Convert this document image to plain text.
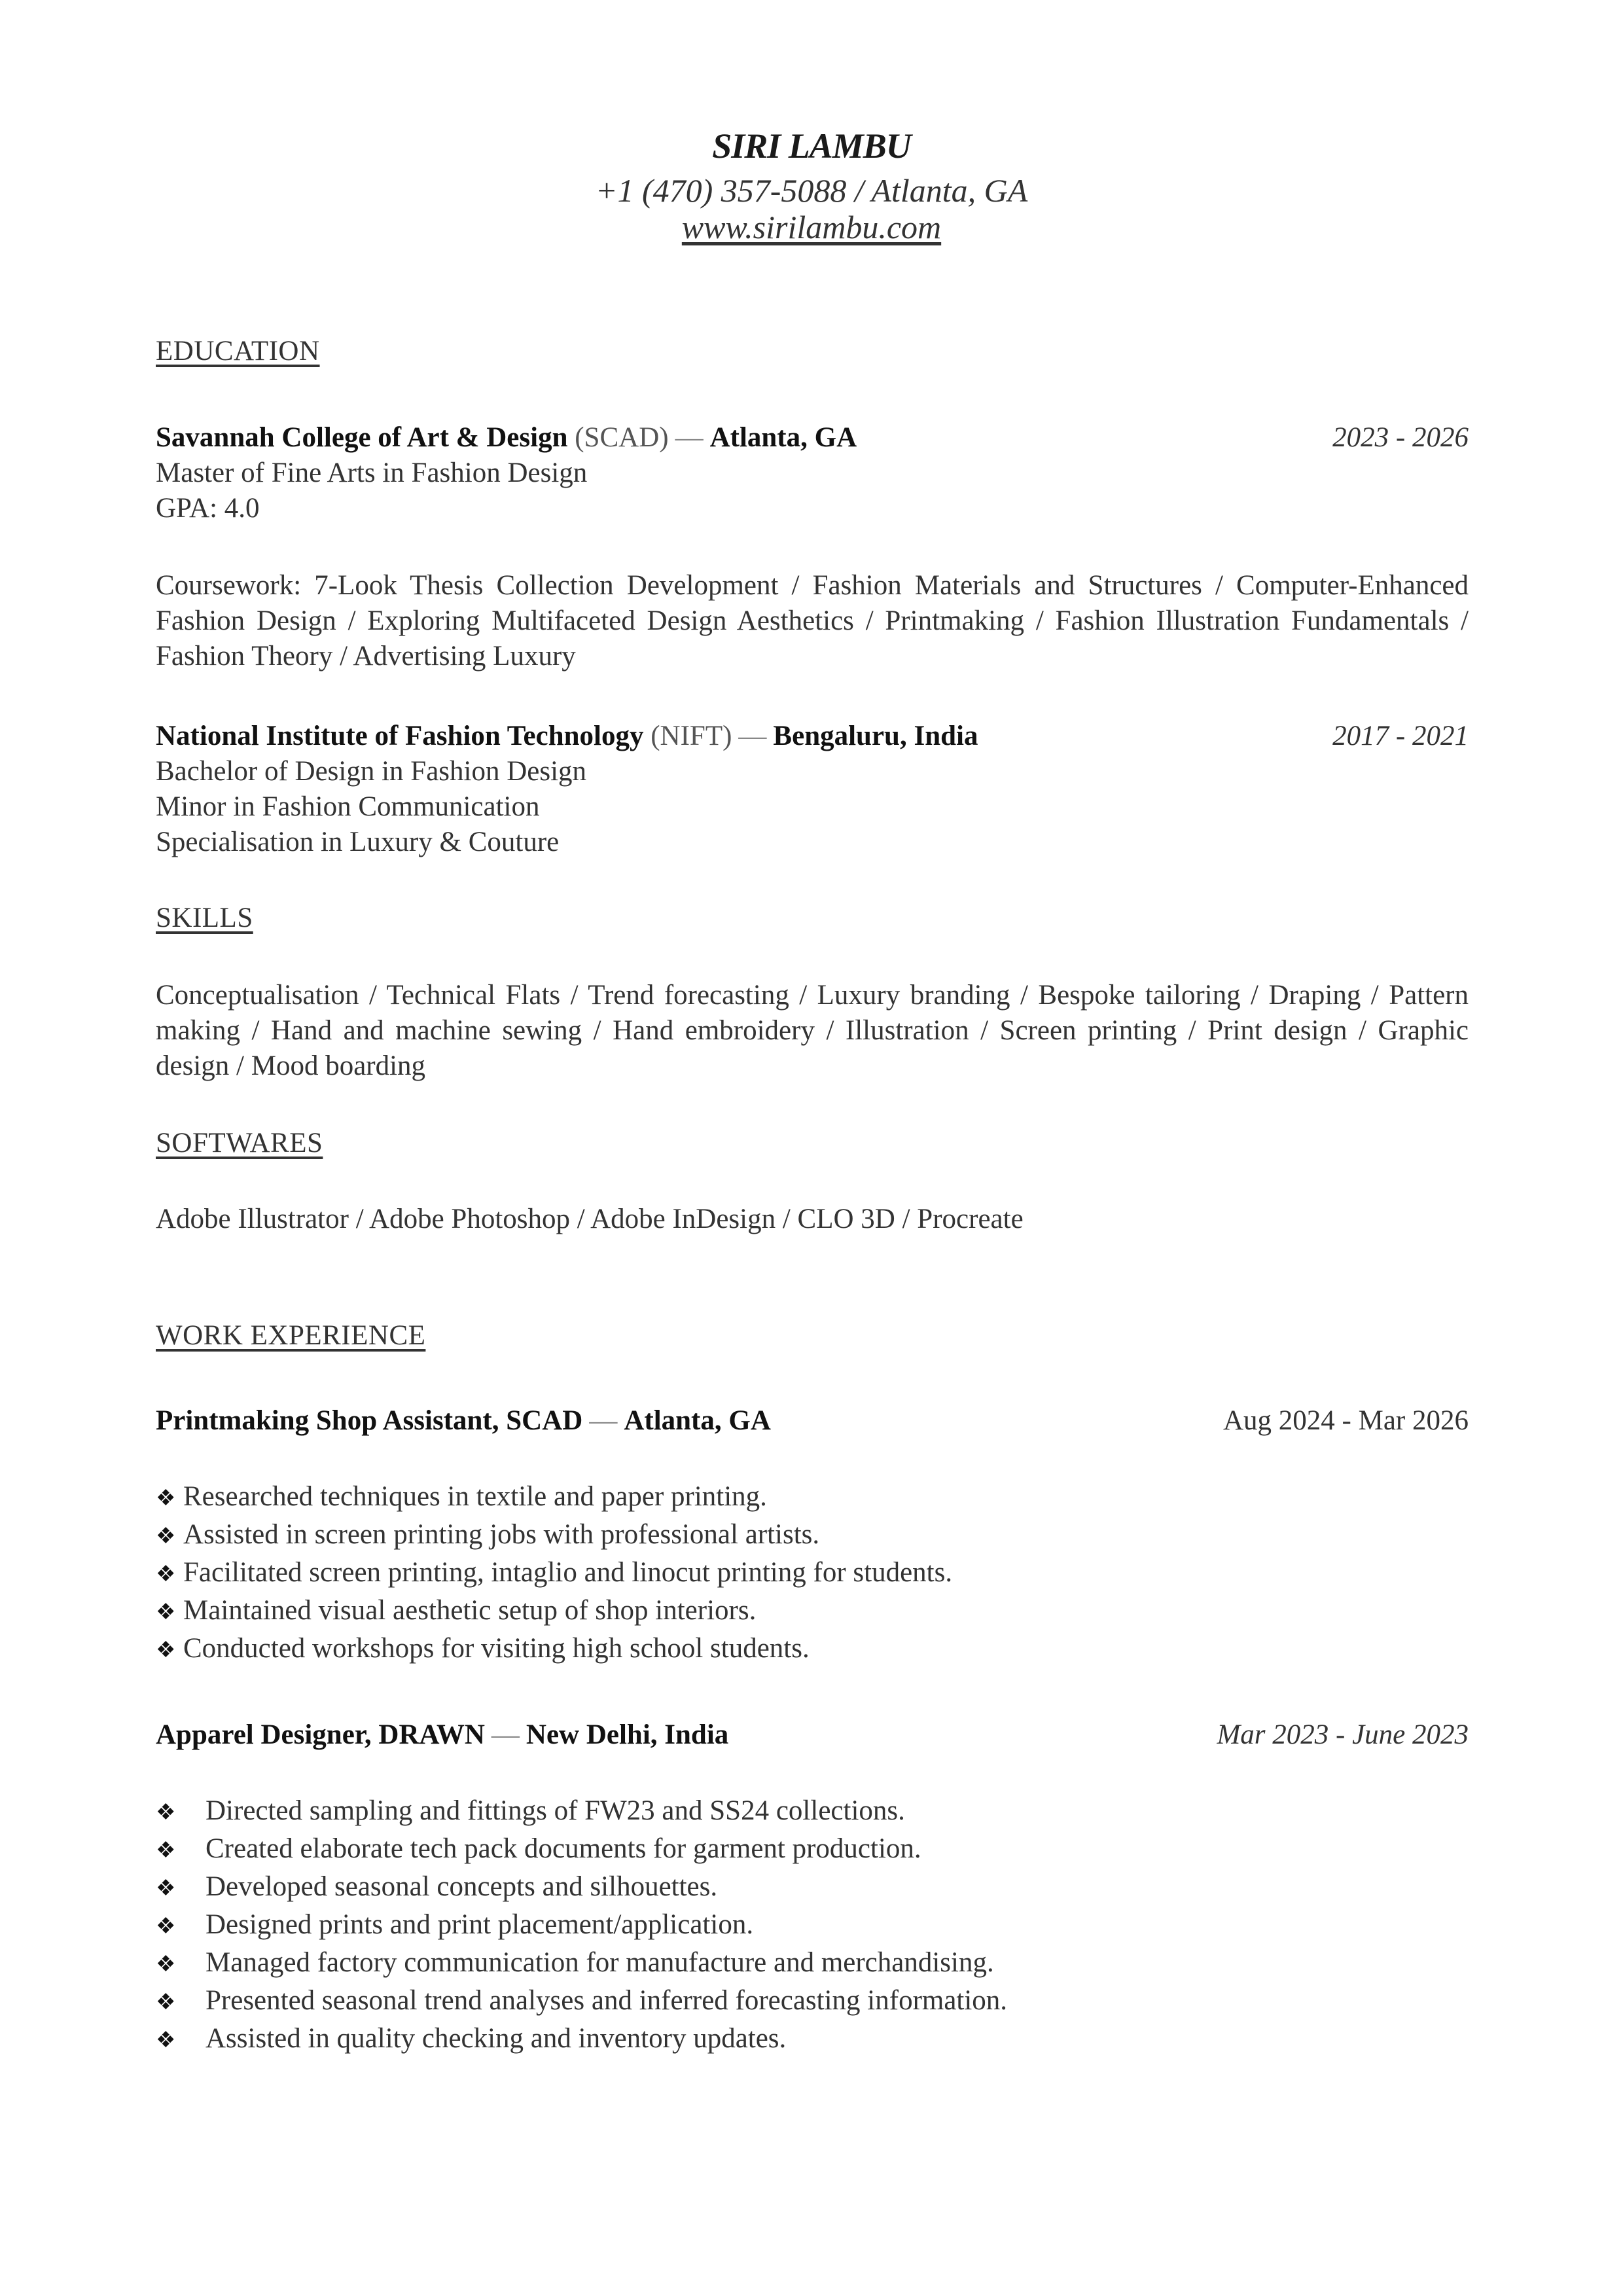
SIRI LAMBU
+1 (470) 357-5088 / Atlanta, GA
www.sirilambu.com
EDUCATION
Savannah College of Art & Design (SCAD) — Atlanta, GA	2023 - 2026
Master of Fine Arts in Fashion Design
GPA: 4.0
Coursework: 7-Look Thesis Collection Development / Fashion Materials and Structures / Computer-Enhanced Fashion Design / Exploring Multifaceted Design Aesthetics / Printmaking / Fashion Illustration Fundamentals / Fashion Theory / Advertising Luxury
National Institute of Fashion Technology (NIFT) — Bengaluru, India	2017 - 2021
Bachelor of Design in Fashion Design
Minor in Fashion Communication
Specialisation in Luxury & Couture
SKILLS
Conceptualisation / Technical Flats / Trend forecasting / Luxury branding / Bespoke tailoring / Draping / Pattern making / Hand and machine sewing / Hand embroidery / Illustration / Screen printing / Print design / Graphic design / Mood boarding
SOFTWARES
Adobe Illustrator / Adobe Photoshop / Adobe InDesign / CLO 3D / Procreate
WORK EXPERIENCE
Printmaking Shop Assistant, SCAD — Atlanta, GA	Aug 2024 - Mar 2026
❖ Researched techniques in textile and paper printing.
❖ Assisted in screen printing jobs with professional artists.
❖ Facilitated screen printing, intaglio and linocut printing for students.
❖ Maintained visual aesthetic setup of shop interiors.
❖ Conducted workshops for visiting high school students.
Apparel Designer, DRAWN — New Delhi, India	Mar 2023 - June 2023
❖ Directed sampling and fittings of FW23 and SS24 collections.
❖ Created elaborate tech pack documents for garment production.
❖ Developed seasonal concepts and silhouettes.
❖ Designed prints and print placement/application.
❖ Managed factory communication for manufacture and merchandising.
❖ Presented seasonal trend analyses and inferred forecasting information.
❖ Assisted in quality checking and inventory updates.
